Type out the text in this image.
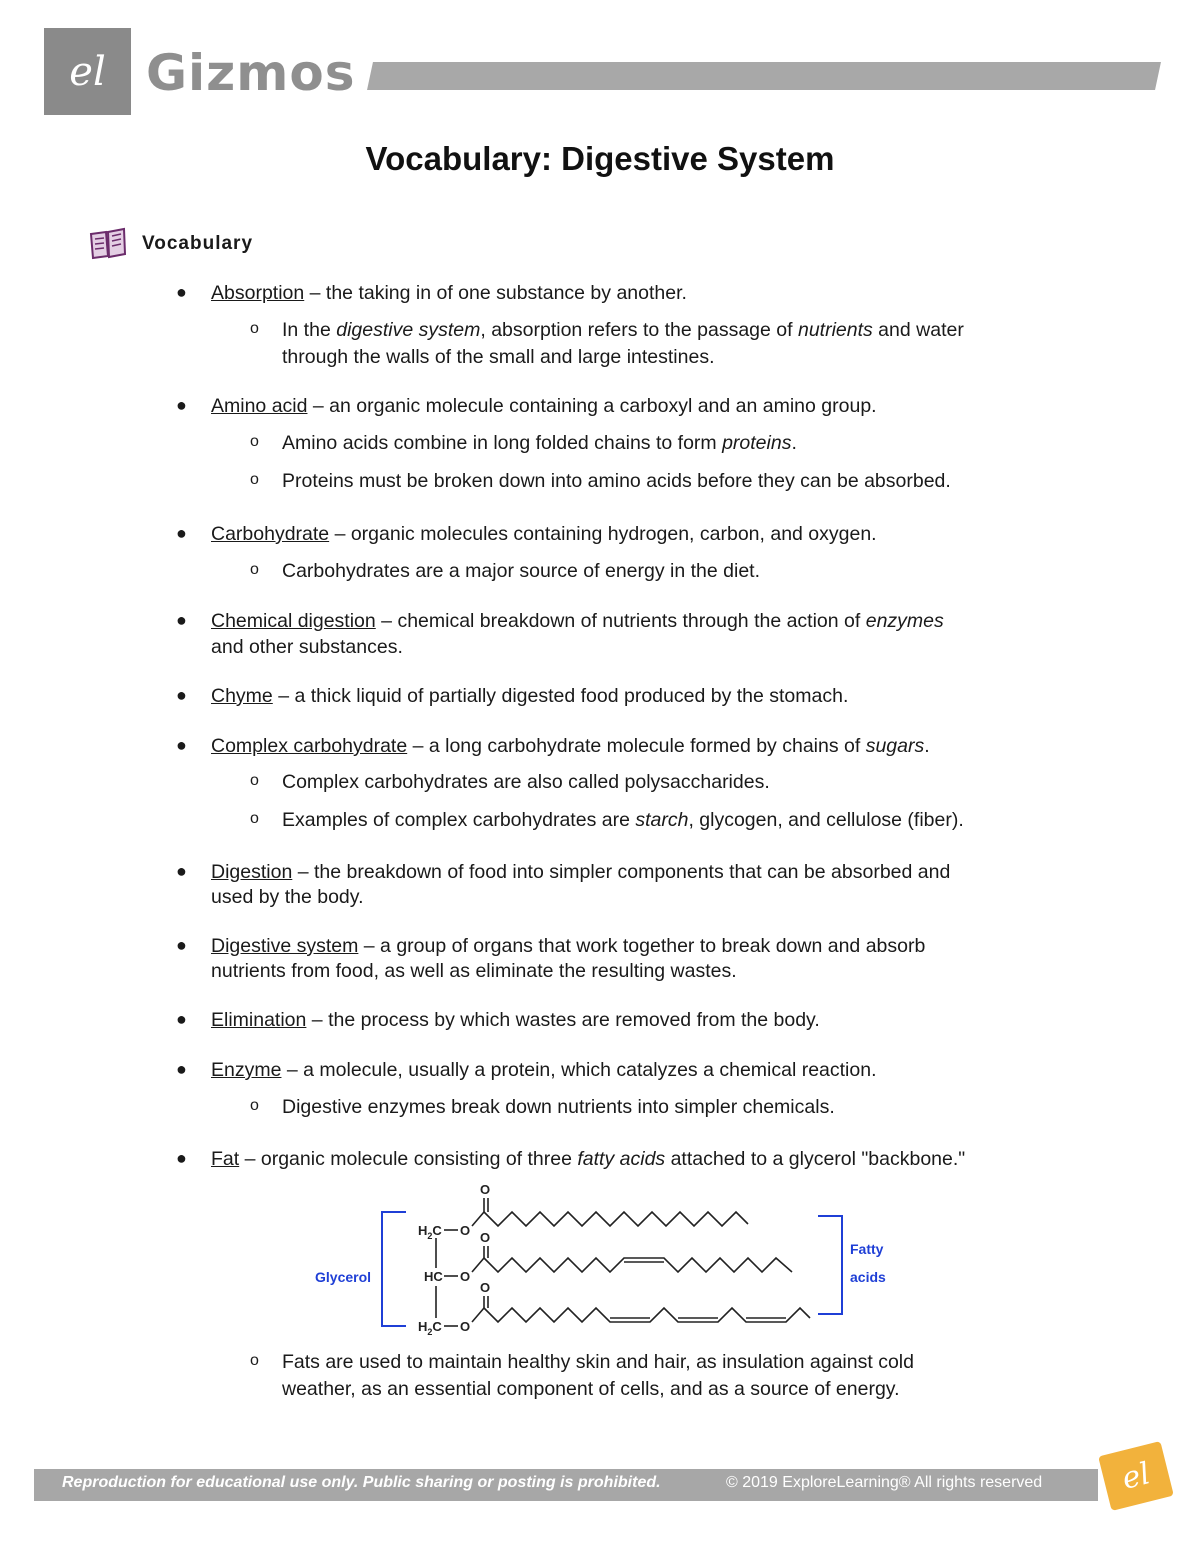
el Gizmos
Vocabulary: Digestive System
Vocabulary
● Absorption – the taking in of one substance by another.
o In the digestive system, absorption refers to the passage of nutrients and water
through the walls of the small and large intestines.
● Amino acid – an organic molecule containing a carboxyl and an amino group.
o Amino acids combine in long folded chains to form proteins.
o Proteins must be broken down into amino acids before they can be absorbed.
● Carbohydrate – organic molecules containing hydrogen, carbon, and oxygen.
o Carbohydrates are a major source of energy in the diet.
● Chemical digestion – chemical breakdown of nutrients through the action of enzymes
and other substances.
● Chyme – a thick liquid of partially digested food produced by the stomach.
● Complex carbohydrate – a long carbohydrate molecule formed by chains of sugars.
o Complex carbohydrates are also called polysaccharides.
o Examples of complex carbohydrates are starch, glycogen, and cellulose (fiber).
● Digestion – the breakdown of food into simpler components that can be absorbed and
used by the body.
● Digestive system – a group of organs that work together to break down and absorb
nutrients from food, as well as eliminate the resulting wastes.
● Elimination – the process by which wastes are removed from the body.
● Enzyme – a molecule, usually a protein, which catalyzes a chemical reaction.
o Digestive enzymes break down nutrients into simpler chemicals.
● Fat – organic molecule consisting of three fatty acids attached to a glycerol "backbone."
Glycerol
Fatty
acids
$H_2C$
HC
$H_2C$
O
O
O
O
O
O
o Fats are used to maintain healthy skin and hair, as insulation against cold
weather, as an essential component of cells, and as a source of energy.
Reproduction for educational use only. Public sharing or posting is prohibited.	© 2019 ExploreLearning® All rights reserved	el
